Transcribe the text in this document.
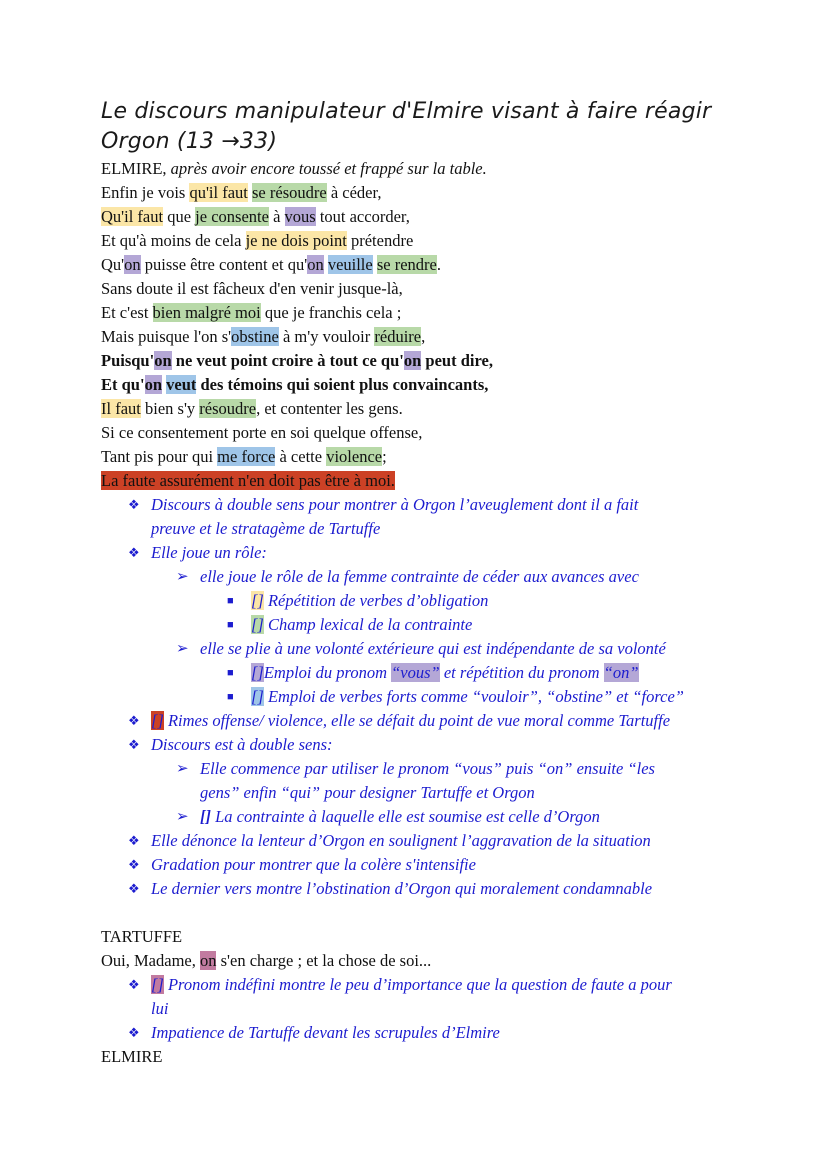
Le discours manipulateur d'Elmire visant à faire réagir
Orgon (13 →33)
ELMIRE, après avoir encore toussé et frappé sur la table.
Enfin je vois qu'il faut se résoudre à céder,
Qu'il faut que je consente à vous tout accorder,
Et qu'à moins de cela je ne dois point prétendre
Qu'on puisse être content et qu'on veuille se rendre.
Sans doute il est fâcheux d'en venir jusque-là,
Et c'est bien malgré moi que je franchis cela ;
Mais puisque l'on s'obstine à m'y vouloir réduire,
Puisqu'on ne veut point croire à tout ce qu'on peut dire,
Et qu'on veut des témoins qui soient plus convaincants,
Il faut bien s'y résoudre, et contenter les gens.
Si ce consentement porte en soi quelque offense,
Tant pis pour qui me force à cette violence;
La faute assurément n'en doit pas être à moi.
❖ Discours à double sens pour montrer à Orgon l’aveuglement dont il a fait
preuve et le stratagème de Tartuffe
❖ Elle joue un rôle:
➢ elle joue le rôle de la femme contrainte de céder aux avances avec
■ [] Répétition de verbes d’obligation
■ [] Champ lexical de la contrainte
➢ elle se plie à une volonté extérieure qui est indépendante de sa volonté
■ []Emploi du pronom “vous” et répétition du pronom “on”
■ [] Emploi de verbes forts comme “vouloir”, “obstine” et “force”
❖ [] Rimes offense/ violence, elle se défait du point de vue moral comme Tartuffe
❖ Discours est à double sens:
➢ Elle commence par utiliser le pronom “vous” puis “on” ensuite “les
gens” enfin “qui” pour designer Tartuffe et Orgon
➢ [] La contrainte à laquelle elle est soumise est celle d’Orgon
❖ Elle dénonce la lenteur d’Orgon en soulignent l’aggravation de la situation
❖ Gradation pour montrer que la colère s'intensifie
❖ Le dernier vers montre l’obstination d’Orgon qui moralement condamnable
TARTUFFE
Oui, Madame, on s'en charge ; et la chose de soi...
❖ [] Pronom indéfini montre le peu d’importance que la question de faute a pour
lui
❖ Impatience de Tartuffe devant les scrupules d’Elmire
ELMIRE
